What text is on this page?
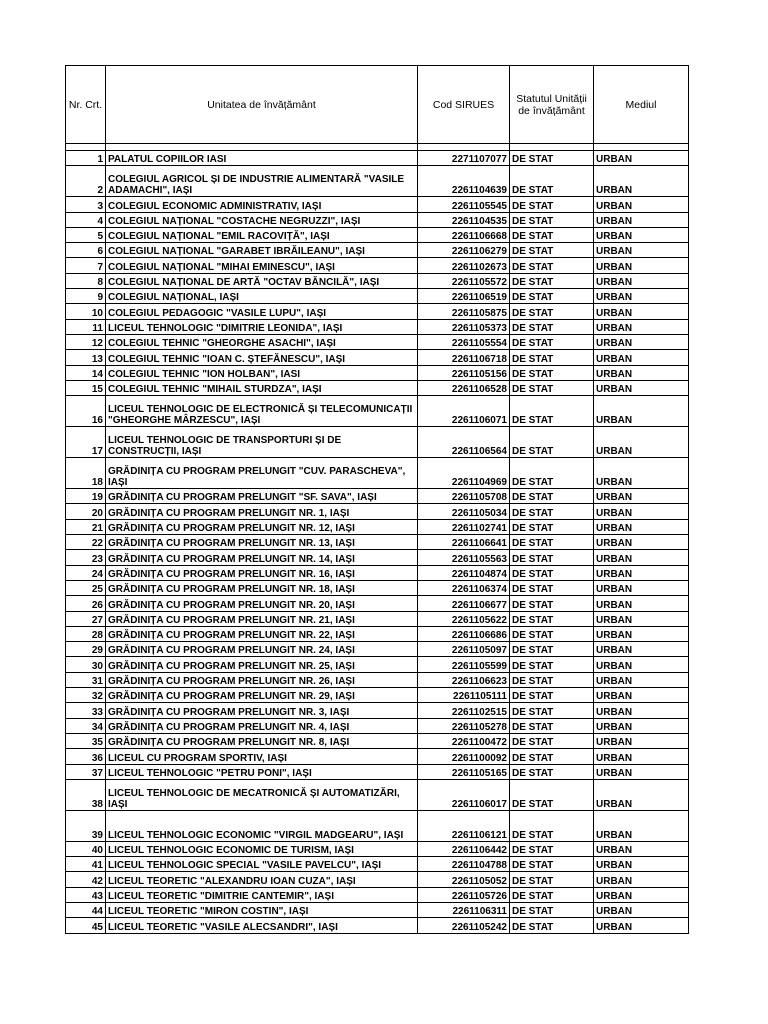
Nr. Crt.	Unitatea de învățământ	Cod SIRUES	Statutul Unității de învățământ	Mediul

1	PALATUL COPIILOR IASI	2271107077	DE STAT	URBAN
2	COLEGIUL AGRICOL ȘI DE INDUSTRIE ALIMENTARĂ "VASILE ADAMACHI", IAȘI	2261104639	DE STAT	URBAN
3	COLEGIUL ECONOMIC ADMINISTRATIV, IAȘI	2261105545	DE STAT	URBAN
4	COLEGIUL NAȚIONAL "COSTACHE NEGRUZZI", IAȘI	2261104535	DE STAT	URBAN
5	COLEGIUL NAȚIONAL "EMIL RACOVIȚĂ", IAȘI	2261106668	DE STAT	URBAN
6	COLEGIUL NAȚIONAL "GARABET IBRĂILEANU", IAȘI	2261106279	DE STAT	URBAN
7	COLEGIUL NAȚIONAL "MIHAI EMINESCU", IAȘI	2261102673	DE STAT	URBAN
8	COLEGIUL NAȚIONAL DE ARTĂ "OCTAV BĂNCILĂ", IAȘI	2261105572	DE STAT	URBAN
9	COLEGIUL NAȚIONAL, IAȘI	2261106519	DE STAT	URBAN
10	COLEGIUL PEDAGOGIC "VASILE LUPU", IAȘI	2261105875	DE STAT	URBAN
11	LICEUL TEHNOLOGIC "DIMITRIE LEONIDA", IAȘI	2261105373	DE STAT	URBAN
12	COLEGIUL TEHNIC "GHEORGHE ASACHI", IAȘI	2261105554	DE STAT	URBAN
13	COLEGIUL TEHNIC "IOAN C. ȘTEFĂNESCU", IAȘI	2261106718	DE STAT	URBAN
14	COLEGIUL TEHNIC "ION HOLBAN", IASI	2261105156	DE STAT	URBAN
15	COLEGIUL TEHNIC "MIHAIL STURDZA", IAȘI	2261106528	DE STAT	URBAN
16	LICEUL TEHNOLOGIC DE ELECTRONICĂ ȘI TELECOMUNICAȚII "GHEORGHE MÂRZESCU", IAȘI	2261106071	DE STAT	URBAN
17	LICEUL TEHNOLOGIC DE TRANSPORTURI ȘI DE CONSTRUCȚII, IAȘI	2261106564	DE STAT	URBAN
18	GRĂDINIȚA CU PROGRAM PRELUNGIT "CUV. PARASCHEVA", IAȘI	2261104969	DE STAT	URBAN
19	GRĂDINIȚA CU PROGRAM PRELUNGIT "SF. SAVA", IAȘI	2261105708	DE STAT	URBAN
20	GRĂDINIȚA CU PROGRAM PRELUNGIT NR. 1, IAȘI	2261105034	DE STAT	URBAN
21	GRĂDINIȚA CU PROGRAM PRELUNGIT NR. 12, IAȘI	2261102741	DE STAT	URBAN
22	GRĂDINIȚA CU PROGRAM PRELUNGIT NR. 13, IAȘI	2261106641	DE STAT	URBAN
23	GRĂDINIȚA CU PROGRAM PRELUNGIT NR. 14, IAȘI	2261105563	DE STAT	URBAN
24	GRĂDINIȚA CU PROGRAM PRELUNGIT NR. 16, IAȘI	2261104874	DE STAT	URBAN
25	GRĂDINIȚA CU PROGRAM PRELUNGIT NR. 18, IAȘI	2261106374	DE STAT	URBAN
26	GRĂDINIȚA CU PROGRAM PRELUNGIT NR. 20, IAȘI	2261106677	DE STAT	URBAN
27	GRĂDINIȚA CU PROGRAM PRELUNGIT NR. 21, IAȘI	2261105622	DE STAT	URBAN
28	GRĂDINIȚA CU PROGRAM PRELUNGIT NR. 22, IAȘI	2261106686	DE STAT	URBAN
29	GRĂDINIȚA CU PROGRAM PRELUNGIT NR. 24, IAȘI	2261105097	DE STAT	URBAN
30	GRĂDINIȚA CU PROGRAM PRELUNGIT NR. 25, IAȘI	2261105599	DE STAT	URBAN
31	GRĂDINIȚA CU PROGRAM PRELUNGIT NR. 26, IAȘI	2261106623	DE STAT	URBAN
32	GRĂDINIȚA CU PROGRAM PRELUNGIT NR. 29, IAȘI	2261105111	DE STAT	URBAN
33	GRĂDINIȚA CU PROGRAM PRELUNGIT NR. 3, IAȘI	2261102515	DE STAT	URBAN
34	GRĂDINIȚA CU PROGRAM PRELUNGIT NR. 4, IAȘI	2261105278	DE STAT	URBAN
35	GRĂDINIȚA CU PROGRAM PRELUNGIT NR. 8, IAȘI	2261100472	DE STAT	URBAN
36	LICEUL CU PROGRAM SPORTIV, IAȘI	2261100092	DE STAT	URBAN
37	LICEUL TEHNOLOGIC "PETRU PONI", IAȘI	2261105165	DE STAT	URBAN
38	LICEUL TEHNOLOGIC DE MECATRONICĂ ȘI AUTOMATIZĂRI, IAȘI	2261106017	DE STAT	URBAN
39	LICEUL TEHNOLOGIC ECONOMIC "VIRGIL MADGEARU", IAȘI	2261106121	DE STAT	URBAN
40	LICEUL TEHNOLOGIC ECONOMIC DE TURISM, IAȘI	2261106442	DE STAT	URBAN
41	LICEUL TEHNOLOGIC SPECIAL "VASILE PAVELCU", IAȘI	2261104788	DE STAT	URBAN
42	LICEUL TEORETIC "ALEXANDRU IOAN CUZA", IAȘI	2261105052	DE STAT	URBAN
43	LICEUL TEORETIC "DIMITRIE CANTEMIR", IAȘI	2261105726	DE STAT	URBAN
44	LICEUL TEORETIC "MIRON COSTIN", IAȘI	2261106311	DE STAT	URBAN
45	LICEUL TEORETIC "VASILE ALECSANDRI", IAȘI	2261105242	DE STAT	URBAN
